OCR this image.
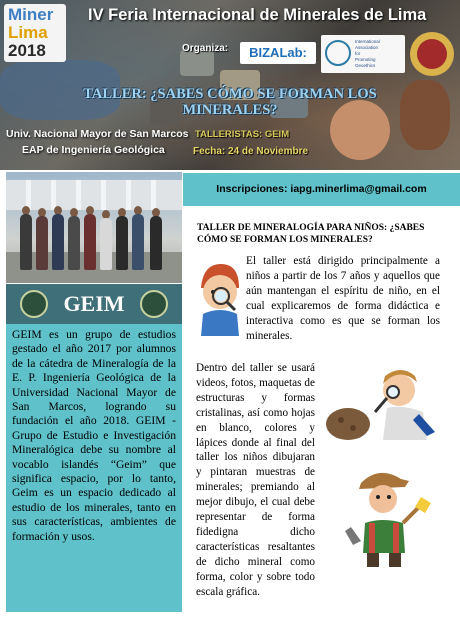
Miner
Lima
2018
IV Feria Internacional de Minerales de Lima
Organiza:	BIZALab:
International
Association
for
Promoting
Geoethics
TALLER: ¿SABES CÓMO SE FORMAN LOS MINERALES?
Univ. Nacional Mayor de San Marcos
EAP de Ingeniería Geológica
TALLERISTAS: GEIM
Fecha: 24 de Noviembre
GEIM
GEIM es un grupo de estudios gestado el año 2017 por alumnos de la cátedra de Mineralogía de la E. P. Ingeniería Geológica de la Universidad Nacional Mayor de San Marcos, logrando su fundación el año 2018. GEIM - Grupo de Estudio e Investigación Mineralógica debe su nombre al vocablo islandés “Geim” que significa espacio, por lo tanto, Geim es un espacio dedicado al estudio de los minerales, tanto en sus características, ambientes de formación y usos.
Inscripciones: iapg.minerlima@gmail.com
TALLER DE MINERALOGÍA PARA NIÑOS: ¿SABES CÓMO SE FORMAN LOS MINERALES?
El taller está dirigido principalmente a niños a partir de los 7 años y aquellos que aún mantengan el espíritu de niño, en el cual explicaremos de forma didáctica e interactiva como es que se forman los minerales.
Dentro del taller se usará videos, fotos, maquetas de estructuras y formas cristalinas, así como hojas en blanco, colores y lápices donde al final del taller los niños dibujaran y pintaran muestras de minerales; premiando al mejor dibujo, el cual debe representar de forma fidedigna dicho características resaltantes de dicho mineral como forma, color y sobre todo escala gráfica.
